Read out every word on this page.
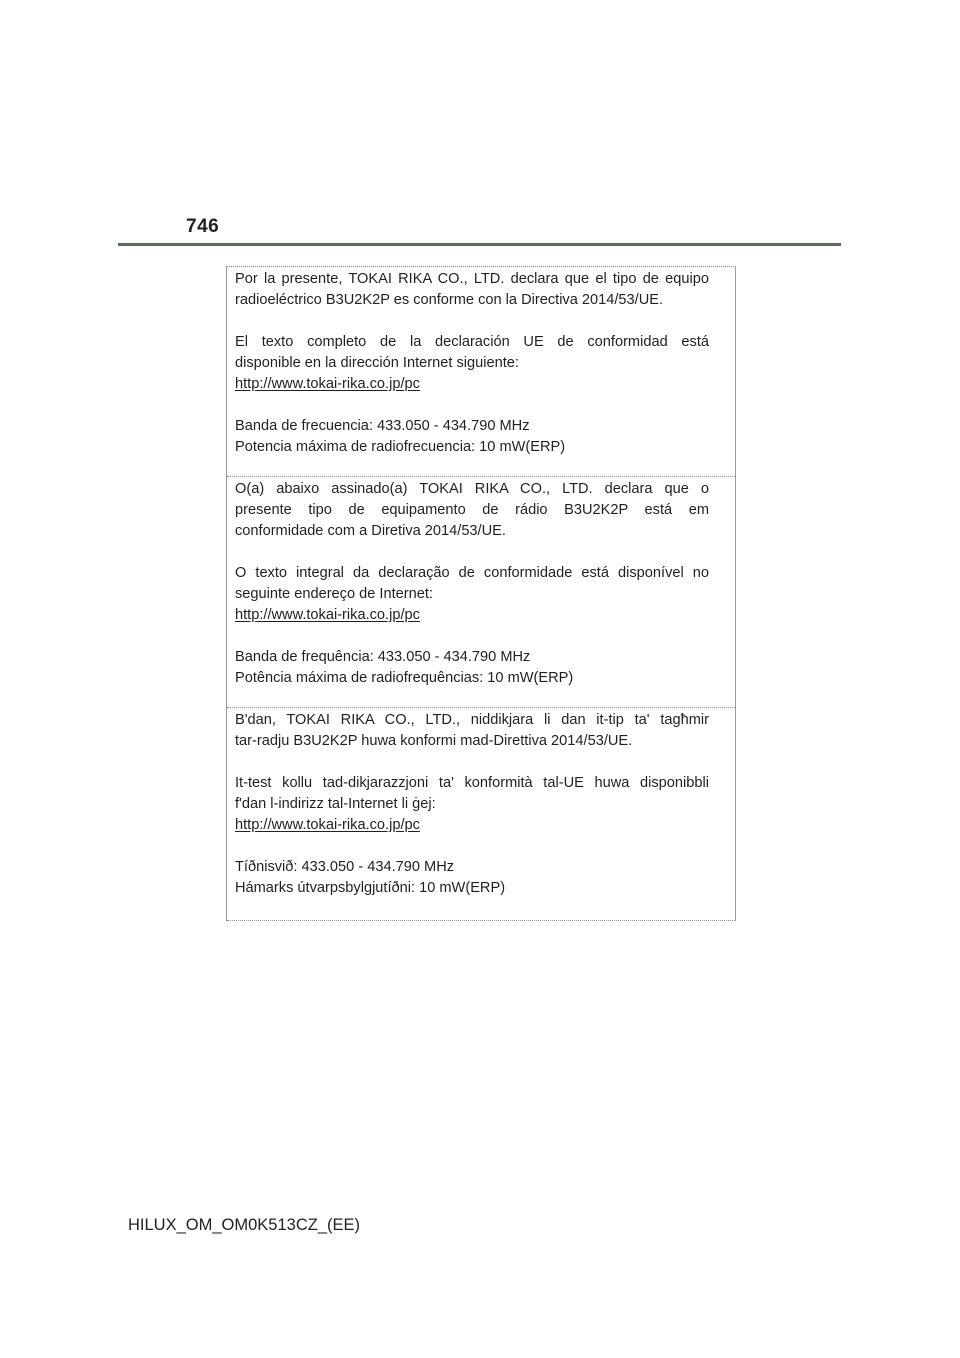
746

Por la presente, TOKAI RIKA CO., LTD. declara que el tipo de equipo
radioeléctrico B3U2K2P es conforme con la Directiva 2014/53/UE.

El texto completo de la declaración UE de conformidad está
disponible en la dirección Internet siguiente:
http://www.tokai-rika.co.jp/pc

Banda de frecuencia: 433.050 - 434.790 MHz
Potencia máxima de radiofrecuencia: 10 mW(ERP)

O(a) abaixo assinado(a) TOKAI RIKA CO., LTD. declara que o
presente tipo de equipamento de rádio B3U2K2P está em
conformidade com a Diretiva 2014/53/UE.

O texto integral da declaração de conformidade está disponível no
seguinte endereço de Internet:
http://www.tokai-rika.co.jp/pc

Banda de frequência: 433.050 - 434.790 MHz
Potência máxima de radiofrequências: 10 mW(ERP)

B'dan, TOKAI RIKA CO., LTD., niddikjara li dan it-tip ta' tagħmir
tar-radju B3U2K2P huwa konformi mad-Direttiva 2014/53/UE.

It-test kollu tad-dikjarazzjoni ta' konformità tal-UE huwa disponibbli
f'dan l-indirizz tal-Internet li ġej:
http://www.tokai-rika.co.jp/pc

Tíðnisvið: 433.050 - 434.790 MHz
Hámarks útvarpsbylgjutíðni: 10 mW(ERP)

HILUX_OM_OM0K513CZ_(EE)
